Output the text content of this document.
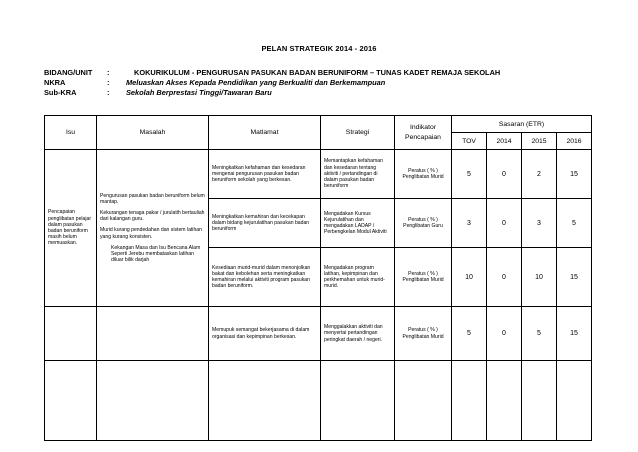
PELAN STRATEGIK 2014 - 2016
BIDANG/UNIT :	KOKURIKULUM - PENGURUSAN PASUKAN BADAN BERUNIFORM – TUNAS KADET REMAJA SEKOLAH
NKRA	: Meluaskan Akses Kepada Pendidikan yang Berkualiti dan Berkemampuan
Sub-KRA	: Sekolah Berprestasi Tinggi/Tawaran Baru
Isu	Masalah	Matlamat	Strategi	Indikator Pencapaian	Sasaran (ETR)			
					TOV	2014	2015	2016

Pencapaian penglibatan pelajar dalam pasukan badan beruniform masih belum memuaskan.	Pengurusan pasukan badan beruniform belum mantap.

Kekurangan tenaga pakar / jurulatih bertauliah dari kalangan guru.

Murid kurang pendedahan dan sistem latihan yang kurang konsisten.

Kekangan Masa dan Isu Bencana Alam Seperti Jerebu membataskan latihan diluar bilik darjah	Meningkatkan kefahaman dan kesedaran mengenai pengurusan pasukan badan beruniform sekolah yang berkesan.	Memantapkan kefahaman dan kesedaran tentang aktiviti / pertandingan di dalam pasukan badan beruniform	Peratus ( % ) Penglibatan Murid	5	0	2	15

		Meningkatkan kemahiran dan kecekapan dalam bidang kejurulatihan pasukan badan beruniform	Mengadakan Kursus Kejurulatihan dan mengadakan LADAP / Perbengkelan Modul Aktiviti	Peratus ( % ) Penglibatan Guru	3	0	3	5

		Kesediaan murid-murid dalam menonjolkan bakat dan kebolehan serta meningkatkan kemahiran melalui aktiviti program pasukan badan beruniform.	Mengadakan program latihan, kepimpinan dan perkhemahan untuk murid-murid.	Peratus ( % ) Penglibatan Murid	10	0	10	15

		Memupuk semangat bekerjasama di dalam organisasi dan kepimpinan berkesan.	Menggalakkan aktiviti dan menyertai pertandingan peringkat daerah / negeri.	Peratus ( % ) Penglibatan Murid	5	0	5	15
